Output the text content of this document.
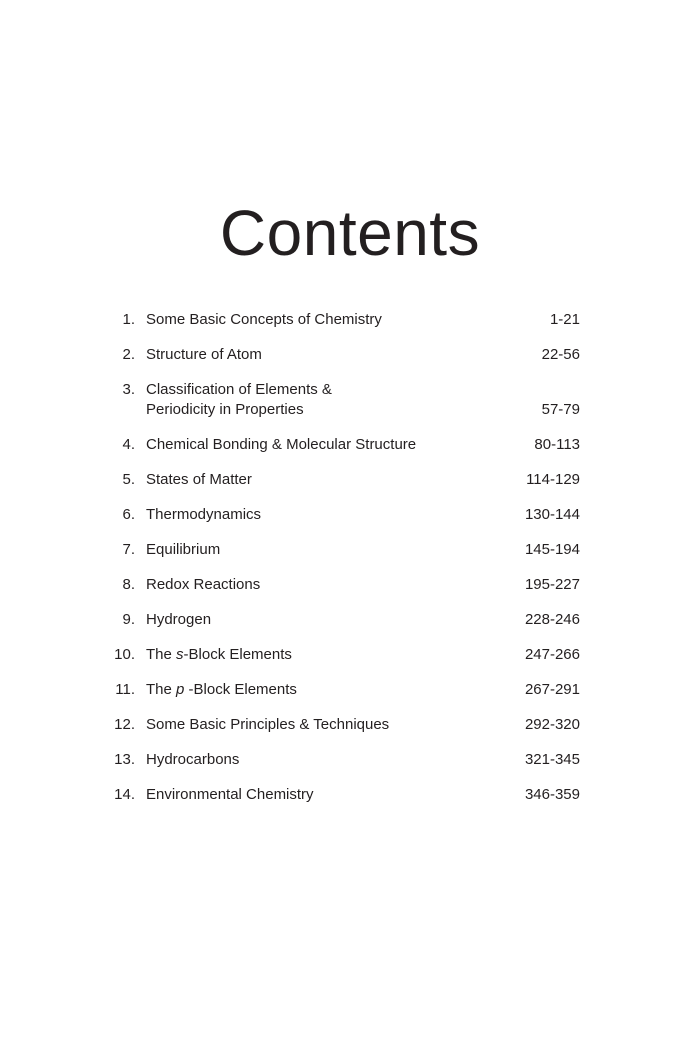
Contents
1. Some Basic Concepts of Chemistry	1-21
2. Structure of Atom	22-56
3. Classification of Elements &
Periodicity in Properties	57-79
4. Chemical Bonding & Molecular Structure	80-113
5. States of Matter	114-129
6. Thermodynamics	130-144
7. Equilibrium	145-194
8. Redox Reactions	195-227
9. Hydrogen	228-246
10. The s-Block Elements	247-266
11. The p -Block Elements	267-291
12. Some Basic Principles & Techniques	292-320
13. Hydrocarbons	321-345
14. Environmental Chemistry	346-359
